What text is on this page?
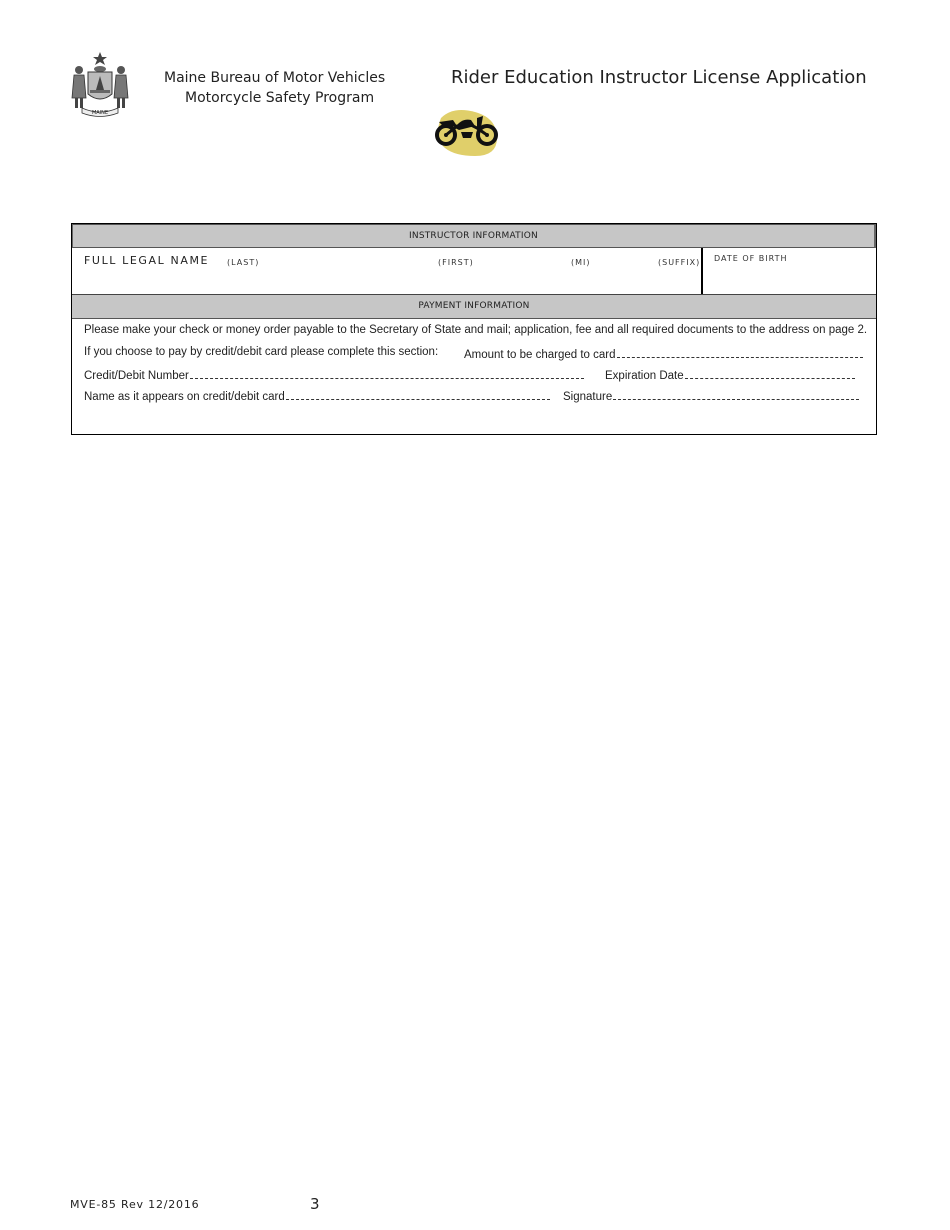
MAINE
Maine Bureau of Motor Vehicles
Motorcycle Safety Program
Rider Education Instructor License Application
INSTRUCTOR INFORMATION
FULL LEGAL NAME (LAST)	(FIRST)	(MI)	(SUFFIX) DATE OF BIRTH
PAYMENT INFORMATION
Please make your check or money order payable to the Secretary of State and mail; application, fee and all required documents to the address on page 2.
If you choose to pay by credit/debit card please complete this section: Amount to be charged to card
Credit/Debit Number	Expiration Date
Name as it appears on credit/debit card	Signature
MVE-85 Rev 12/2016	3
